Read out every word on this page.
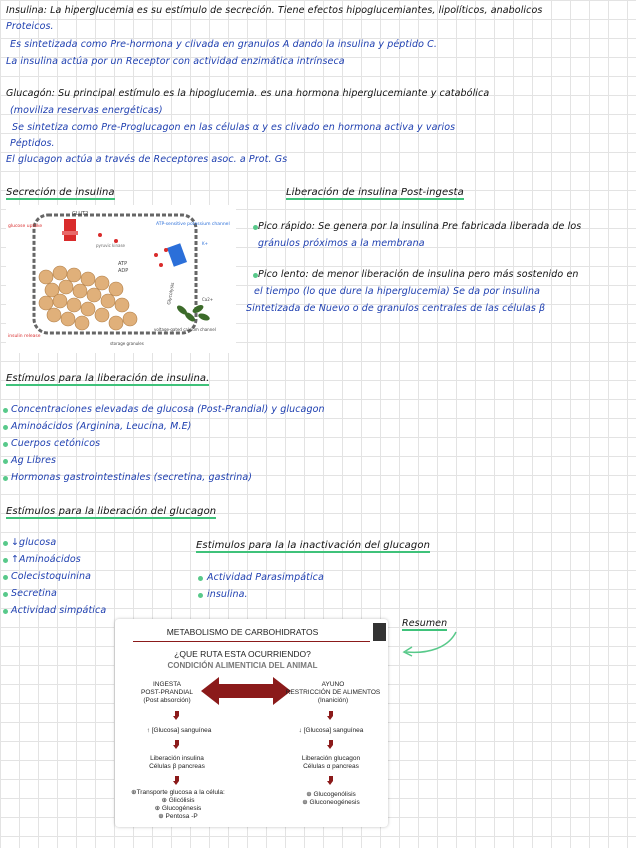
Insulina: La hiperglucemia es su estímulo de secreción. Tiene efectos hipoglucemiantes, lipolíticos, anabolicos
Proteicos.
Es sintetizada como Pre-hormona y clivada en granulos A dando la insulina y péptido C.
La insulina actúa por un Receptor con actividad enzimática intrínseca
Glucagón: Su principal estímulo es la hipoglucemia. es una hormona hiperglucemiante y catabólica
(moviliza reservas energéticas)
Se sintetiza como Pre-Proglucagon en las células α y es clivado en hormona activa y varios
Péptidos.
El glucagon actúa a través de Receptores asoc. a Prot. Gs
Secreción de insulina	Liberación de insulina Post-ingesta
GLUT2
glucose uptake	ATP-sensitive potassium channel
pyruvic kinase
ATP
ADP
Glycolysis
voltage-gated calcium channel
storage granules
insulin release
Ca2+
K+
Pico rápido: Se genera por la insulina Pre fabricada liberada de los
gránulos próximos a la membrana
Pico lento: de menor liberación de insulina pero más sostenido en
el tiempo (lo que dure la hiperglucemia) Se da por insulina
Sintetizada de Nuevo o de granulos centrales de las células β
Estímulos para la liberación de insulina.
Concentraciones elevadas de glucosa (Post-Prandial) y glucagon
Aminoácidos (Arginina, Leucina, M.E)
Cuerpos cetónicos
Ag Libres
Hormonas gastrointestinales (secretina, gastrina)
Estímulos para la liberación del glucagon
↓glucosa
↑Aminoácidos
Colecistoquinina
Secretina
Actividad simpática
Estimulos para la la inactivación del glucagon
Actividad Parasimpática
insulina.
Resumen
METABOLISMO DE CARBOHIDRATOS
¿QUE RUTA ESTA OCURRIENDO?
CONDICIÓN ALIMENTICIA DEL ANIMAL
INGESTA
POST-PRANDIAL
(Post absorción)
AYUNO
RESTRICCIÓN DE ALIMENTOS
(Inanición)
↑ [Glucosa] sanguínea	↓ [Glucosa] sanguínea
Liberación insulina
Células β pancreas
Liberación glucagon
Células α pancreas
⊕Transporte glucosa a la célula:
⊕ Glicólisis
⊕ Glucogénesis
⊕ Pentosa -P
⊕ Glucogenólisis
⊕ Gluconeogénesis
